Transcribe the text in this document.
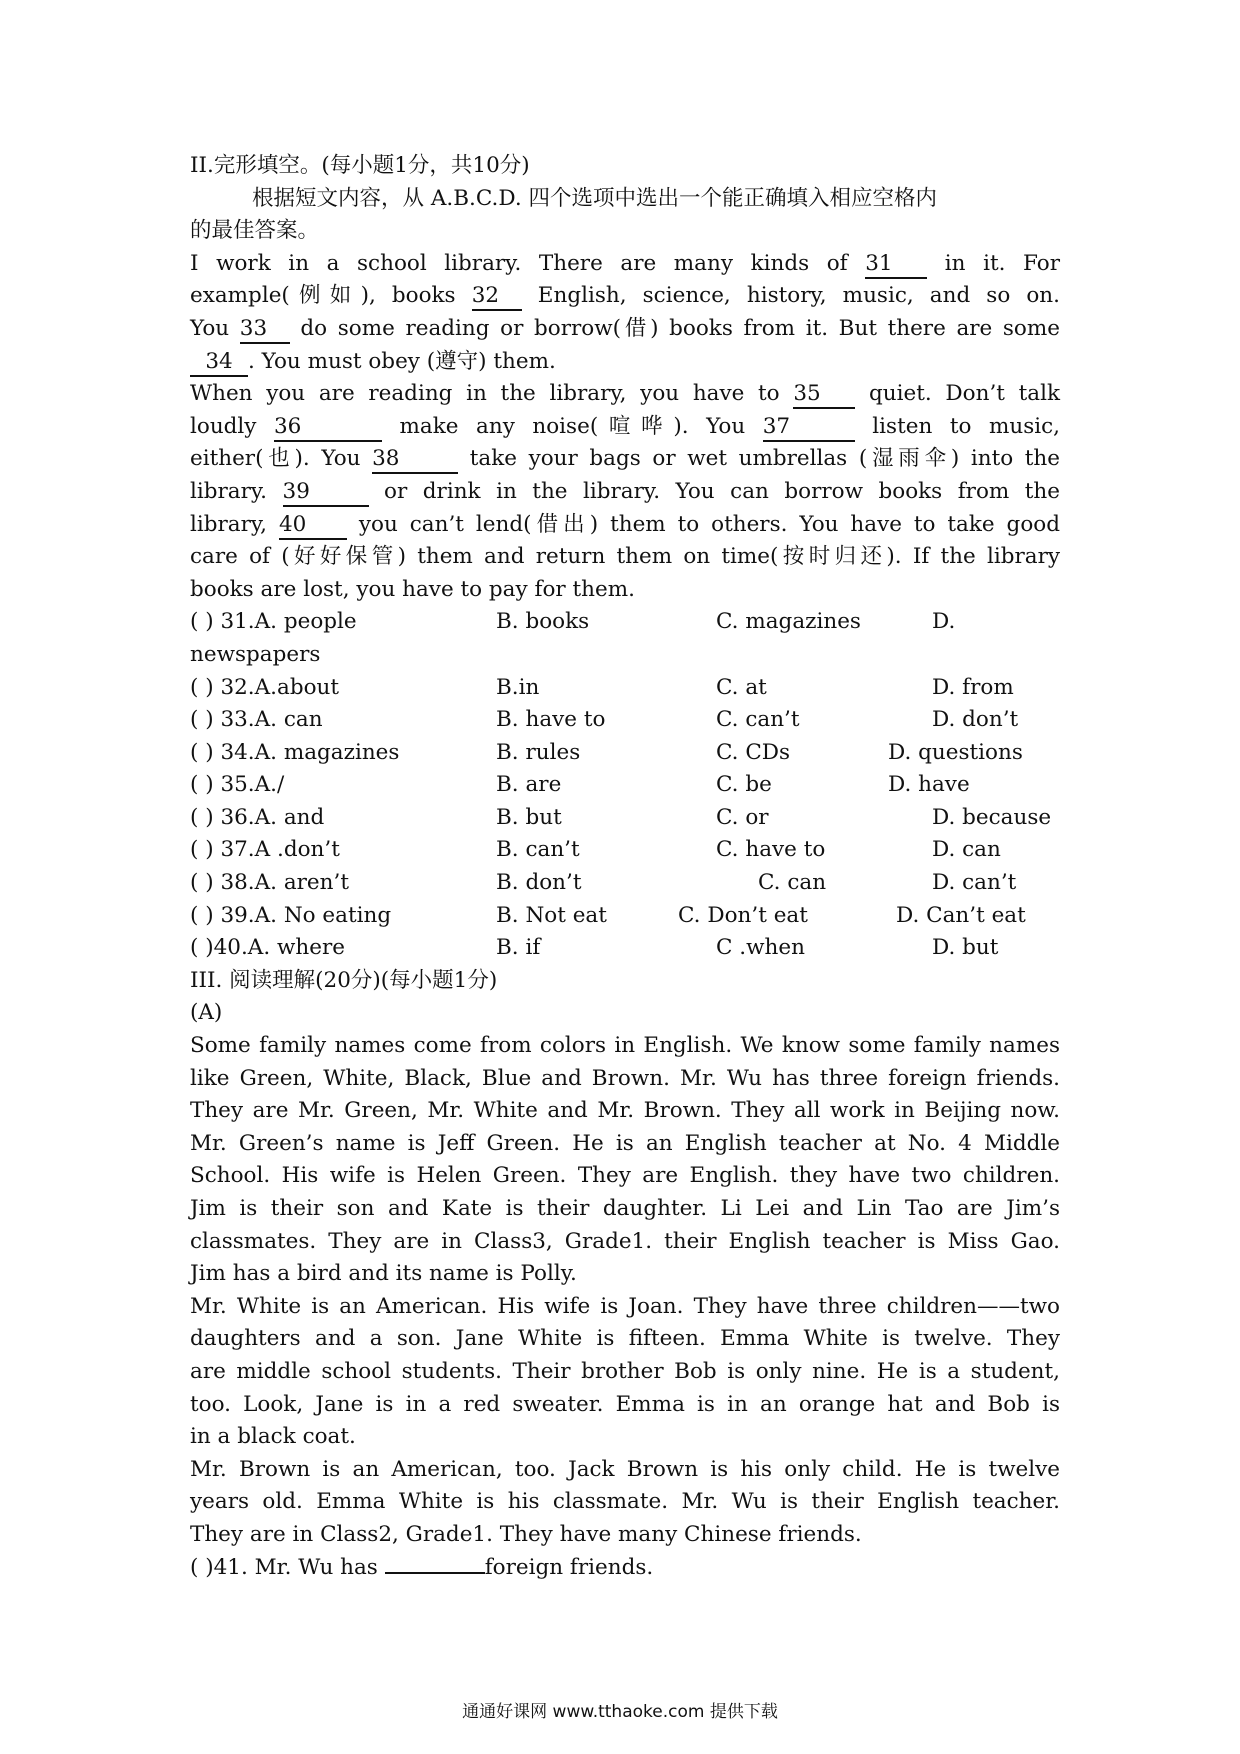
II.完形填空。(每小题1分，共10分)
根据短文内容，从 A.B.C.D. 四个选项中选出一个能正确填入相应空格内
的最佳答案。
I work in a school library. There are many kinds of 31 in it. For
example(例如), books 32 English, science, history, music, and so on.
You 33 do some reading or borrow(借) books from it. But there are some
34 . You must obey (遵守) them.
When you are reading in the library, you have to 35 quiet. Don’t talk
loudly 36	make any noise(喧哗). You 37	listen to music,
either(也). You 38	take your bags or wet umbrellas (湿雨伞) into the
library. 39	or drink in the library. You can borrow books from the
library, 40 you can’t lend(借出) them to others. You have to take good
care of (好好保管) them and return them on time(按时归还). If the library
books are lost, you have to pay for them.
( ) 31.A. people	B. books	C. magazines	D.
newspapers
( ) 32.A.about	B.in	C. at	D. from
( ) 33.A. can	B. have to	C. can’t	D. don’t
( ) 34.A. magazines	B. rules	C. CDs	D. questions
( ) 35.A./	B. are	C. be	D. have
( ) 36.A. and	B. but	C. or	D. because
( ) 37.A .don’t	B. can’t	C. have to	D. can
( ) 38.A. aren’t	B. don’t	C. can	D. can’t
( ) 39.A. No eating	B. Not eat	C. Don’t eat	D. Can’t eat
( )40.A. where	B. if	C .when	D. but
III. 阅读理解(20分)(每小题1分)
(A)
Some family names come from colors in English. We know some family names
like Green, White, Black, Blue and Brown. Mr. Wu has three foreign friends.
They are Mr. Green, Mr. White and Mr. Brown. They all work in Beijing now.
Mr. Green’s name is Jeff Green. He is an English teacher at No. 4 Middle
School. His wife is Helen Green. They are English. they have two children.
Jim is their son and Kate is their daughter. Li Lei and Lin Tao are Jim’s
classmates. They are in Class3, Grade1. their English teacher is Miss Gao.
Jim has a bird and its name is Polly.
Mr. White is an American. His wife is Joan. They have three children——two
daughters and a son. Jane White is fifteen. Emma White is twelve. They
are middle school students. Their brother Bob is only nine. He is a student,
too. Look, Jane is in a red sweater. Emma is in an orange hat and Bob is
in a black coat.
Mr. Brown is an American, too. Jack Brown is his only child. He is twelve
years old. Emma White is his classmate. Mr. Wu is their English teacher.
They are in Class2, Grade1. They have many Chinese friends.
( )41. Mr. Wu has	foreign friends.
通通好课网 www.tthaoke.com 提供下载
